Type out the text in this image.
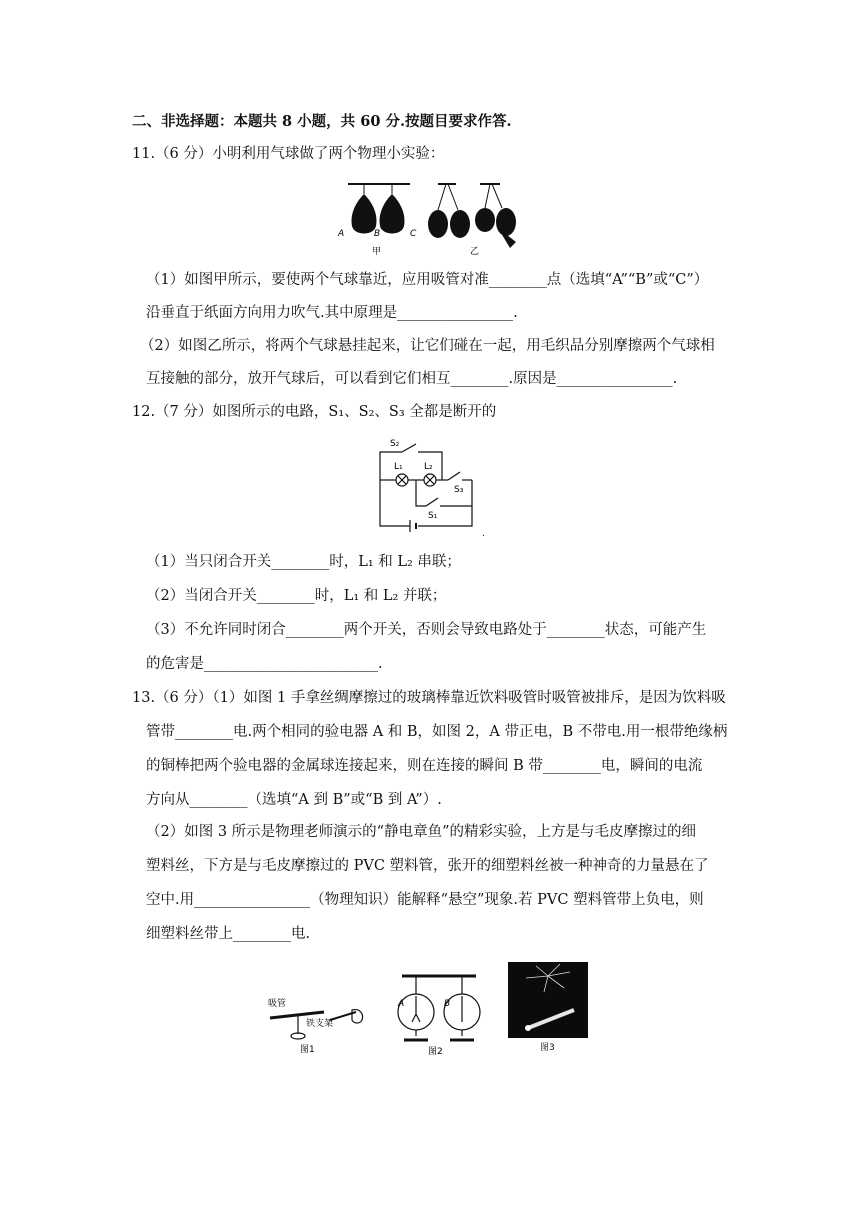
二、非选择题：本题共 8 小题，共 60 分.按题目要求作答.
11.（6 分）小明利用气球做了两个物理小实验：
A	B	C
甲	乙
（1）如图甲所示，要使两个气球靠近，应用吸管对准________点（选填“A”“B”或“C”）
沿垂直于纸面方向用力吹气.其中原理是________________.
（2）如图乙所示，将两个气球悬挂起来，让它们碰在一起，用毛织品分别摩擦两个气球相
互接触的部分，放开气球后，可以看到它们相互________.原因是________________.
12.（7 分）如图所示的电路，S₁、S₂、S₃ 全都是断开的
S₂
L₁ L₂
S₃
S₁
.
（1）当只闭合开关________时，L₁ 和 L₂ 串联；
（2）当闭合开关________时，L₁ 和 L₂ 并联；
（3）不允许同时闭合________两个开关，否则会导致电路处于________状态，可能产生
的危害是________________________.
13.（6 分）（1）如图 1 手拿丝绸摩擦过的玻璃棒靠近饮料吸管时吸管被排斥，是因为饮料吸
管带________电.两个相同的验电器 A 和 B，如图 2，A 带正电，B 不带电.用一根带绝缘柄
的铜棒把两个验电器的金属球连接起来，则在连接的瞬间 B 带________电，瞬间的电流
方向从________（选填“A 到 B”或“B 到 A”）.
（2）如图 3 所示是物理老师演示的“静电章鱼”的精彩实验，上方是与毛皮摩擦过的细
塑料丝，下方是与毛皮摩擦过的 PVC 塑料管，张开的细塑料丝被一种神奇的力量悬在了
空中.用________________（物理知识）能解释“悬空”现象.若 PVC 塑料管带上负电，则
细塑料丝带上________电.
吸管
铁支架
图1
A	B
图2	图3
